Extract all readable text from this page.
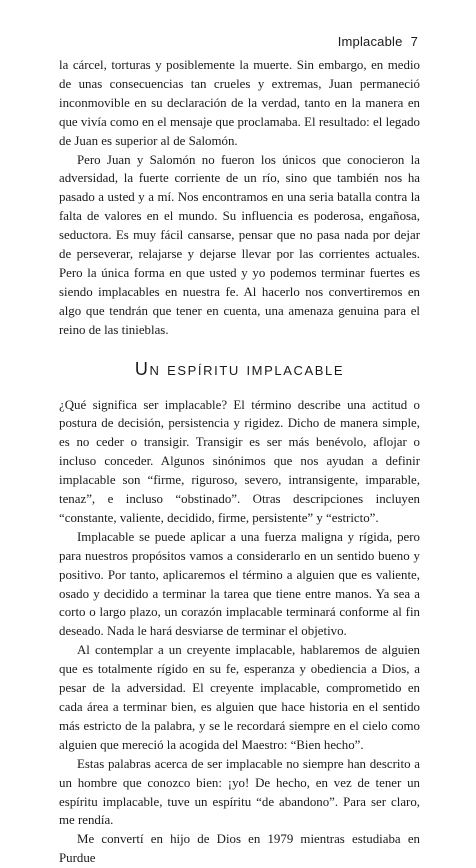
Implacable 7

la cárcel, torturas y posiblemente la muerte. Sin embargo, en medio de unas consecuencias tan crueles y extremas, Juan permaneció inconmovible en su declaración de la verdad, tanto en la manera en que vivía como en el mensaje que proclamaba. El resultado: el legado de Juan es superior al de Salomón.

Pero Juan y Salomón no fueron los únicos que conocieron la adversidad, la fuerte corriente de un río, sino que también nos ha pasado a usted y a mí. Nos encontramos en una seria batalla contra la falta de valores en el mundo. Su influencia es poderosa, engañosa, seductora. Es muy fácil cansarse, pensar que no pasa nada por dejar de perseverar, relajarse y dejarse llevar por las corrientes actuales. Pero la única forma en que usted y yo podemos terminar fuertes es siendo implacables en nuestra fe. Al hacerlo nos convertiremos en algo que tendrán que tener en cuenta, una amenaza genuina para el reino de las tinieblas.

Un espíritu implacable

¿Qué significa ser implacable? El término describe una actitud o postura de decisión, persistencia y rigidez. Dicho de manera simple, es no ceder o transigir. Transigir es ser más benévolo, aflojar o incluso conceder. Algunos sinónimos que nos ayudan a definir implacable son “firme, riguroso, severo, intransigente, imparable, tenaz”, e incluso “obstinado”. Otras descripciones incluyen “constante, valiente, decidido, firme, persistente” y “estricto”.

Implacable se puede aplicar a una fuerza maligna y rígida, pero para nuestros propósitos vamos a considerarlo en un sentido bueno y positivo. Por tanto, aplicaremos el término a alguien que es valiente, osado y decidido a terminar la tarea que tiene entre manos. Ya sea a corto o largo plazo, un corazón implacable terminará conforme al fin deseado. Nada le hará desviarse de terminar el objetivo.

Al contemplar a un creyente implacable, hablaremos de alguien que es totalmente rígido en su fe, esperanza y obediencia a Dios, a pesar de la adversidad. El creyente implacable, comprometido en cada área a terminar bien, es alguien que hace historia en el sentido más estricto de la palabra, y se le recordará siempre en el cielo como alguien que mereció la acogida del Maestro: “Bien hecho”.

Estas palabras acerca de ser implacable no siempre han descrito a un hombre que conozco bien: ¡yo! De hecho, en vez de tener un espíritu implacable, tuve un espíritu “de abandono”. Para ser claro, me rendía.

Me convertí en hijo de Dios en 1979 mientras estudiaba en Purdue
